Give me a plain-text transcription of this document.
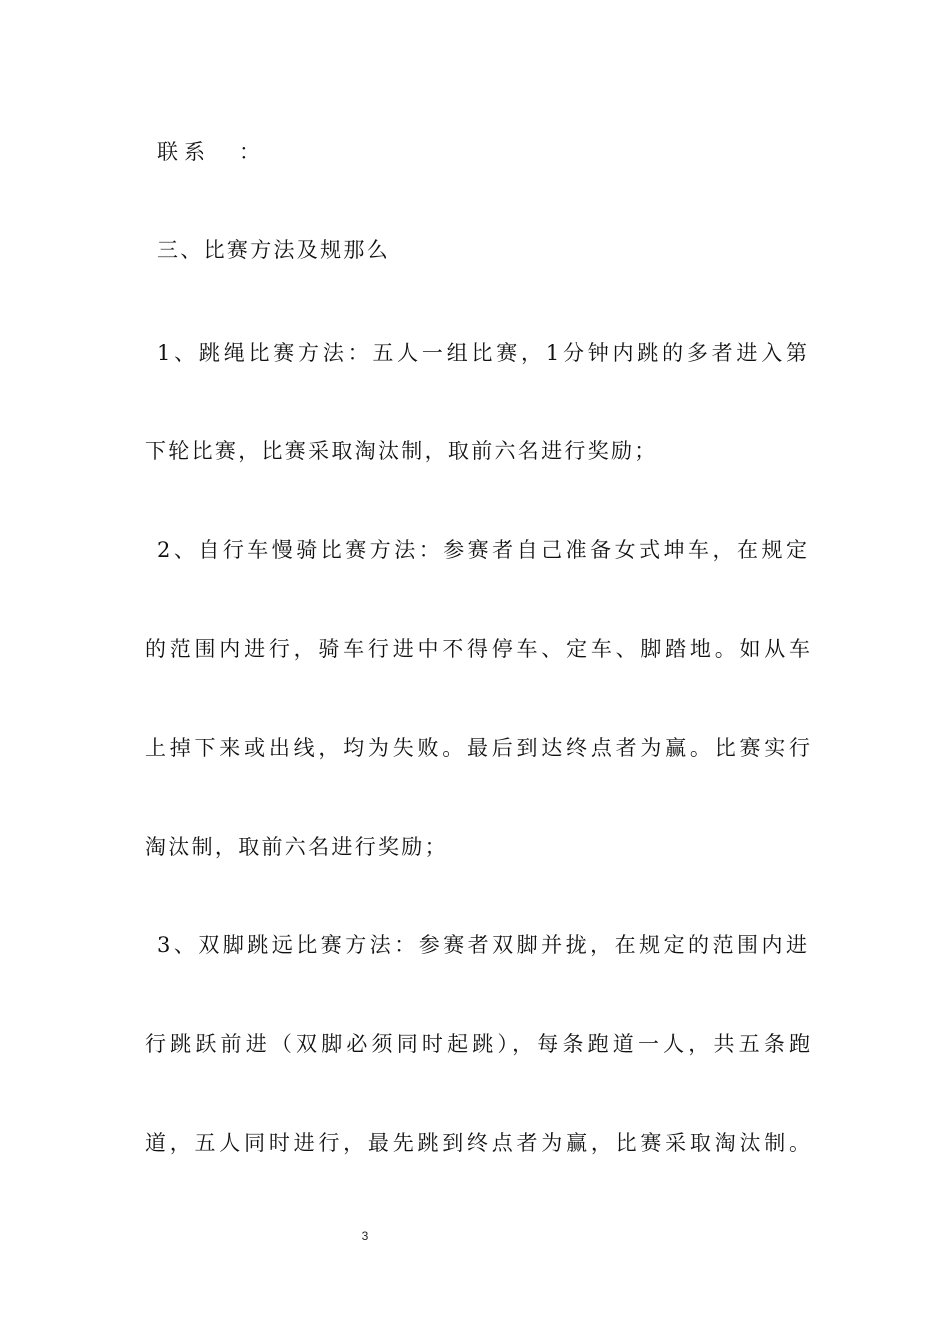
联系 ：
三、比赛方法及规那么
1、跳绳比赛方法：五人一组比赛，1分钟内跳的多者进入第
下轮比赛，比赛采取淘汰制，取前六名进行奖励；
2、自行车慢骑比赛方法：参赛者自己准备女式坤车，在规定
的范围内进行，骑车行进中不得停车、定车、脚踏地。如从车
上掉下来或出线，均为失败。最后到达终点者为赢。比赛实行
淘汰制，取前六名进行奖励；
3、双脚跳远比赛方法：参赛者双脚并拢，在规定的范围内进
行跳跃前进（双脚必须同时起跳），每条跑道一人，共五条跑
道，五人同时进行，最先跳到终点者为赢，比赛采取淘汰制。
3
